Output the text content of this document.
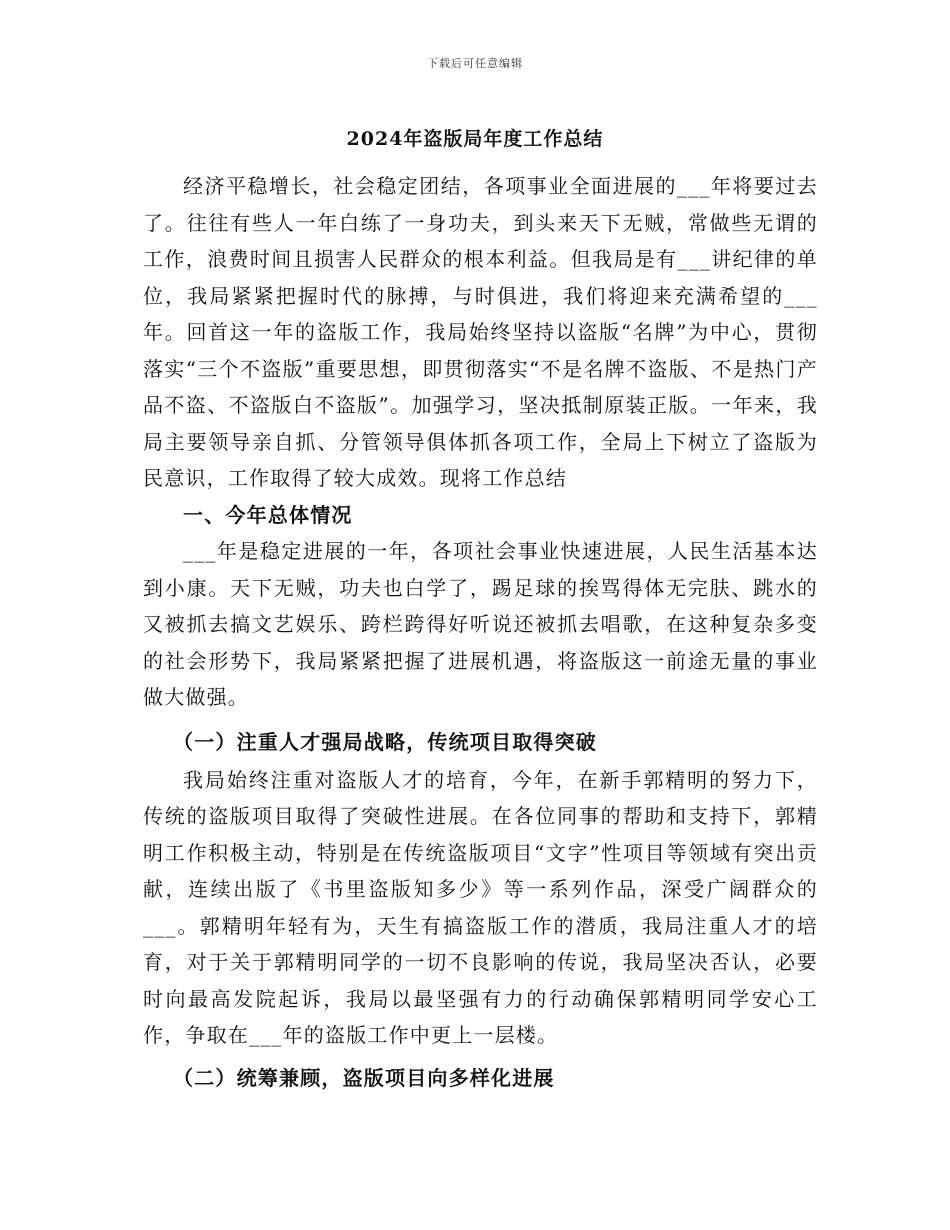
下载后可任意编辑
2024年盗版局年度工作总结

经济平稳增长，社会稳定团结，各项事业全面进展的___年将要过去了。往往有些人一年白练了一身功夫，到头来天下无贼，常做些无谓的工作，浪费时间且损害人民群众的根本利益。但我局是有___讲纪律的单位，我局紧紧把握时代的脉搏，与时俱进，我们将迎来充满希望的___年。回首这一年的盗版工作，我局始终坚持以盗版“名牌”为中心，贯彻落实“三个不盗版”重要思想，即贯彻落实“不是名牌不盗版、不是热门产品不盗、不盗版白不盗版”。加强学习，坚决抵制原装正版。一年来，我局主要领导亲自抓、分管领导俱体抓各项工作，全局上下树立了盗版为民意识，工作取得了较大成效。现将工作总结

一、今年总体情况

___年是稳定进展的一年，各项社会事业快速进展，人民生活基本达到小康。天下无贼，功夫也白学了，踢足球的挨骂得体无完肤、跳水的又被抓去搞文艺娱乐、跨栏跨得好听说还被抓去唱歌，在这种复杂多变的社会形势下，我局紧紧把握了进展机遇，将盗版这一前途无量的事业做大做强。

（一）注重人才强局战略，传统项目取得突破

我局始终注重对盗版人才的培育，今年，在新手郭精明的努力下，传统的盗版项目取得了突破性进展。在各位同事的帮助和支持下，郭精明工作积极主动，特别是在传统盗版项目“文字”性项目等领域有突出贡献，连续出版了《书里盗版知多少》等一系列作品，深受广阔群众的___。郭精明年轻有为，天生有搞盗版工作的潜质，我局注重人才的培育，对于关于郭精明同学的一切不良影响的传说，我局坚决否认，必要时向最高发院起诉，我局以最坚强有力的行动确保郭精明同学安心工作，争取在___年的盗版工作中更上一层楼。

（二）统筹兼顾，盗版项目向多样化进展
